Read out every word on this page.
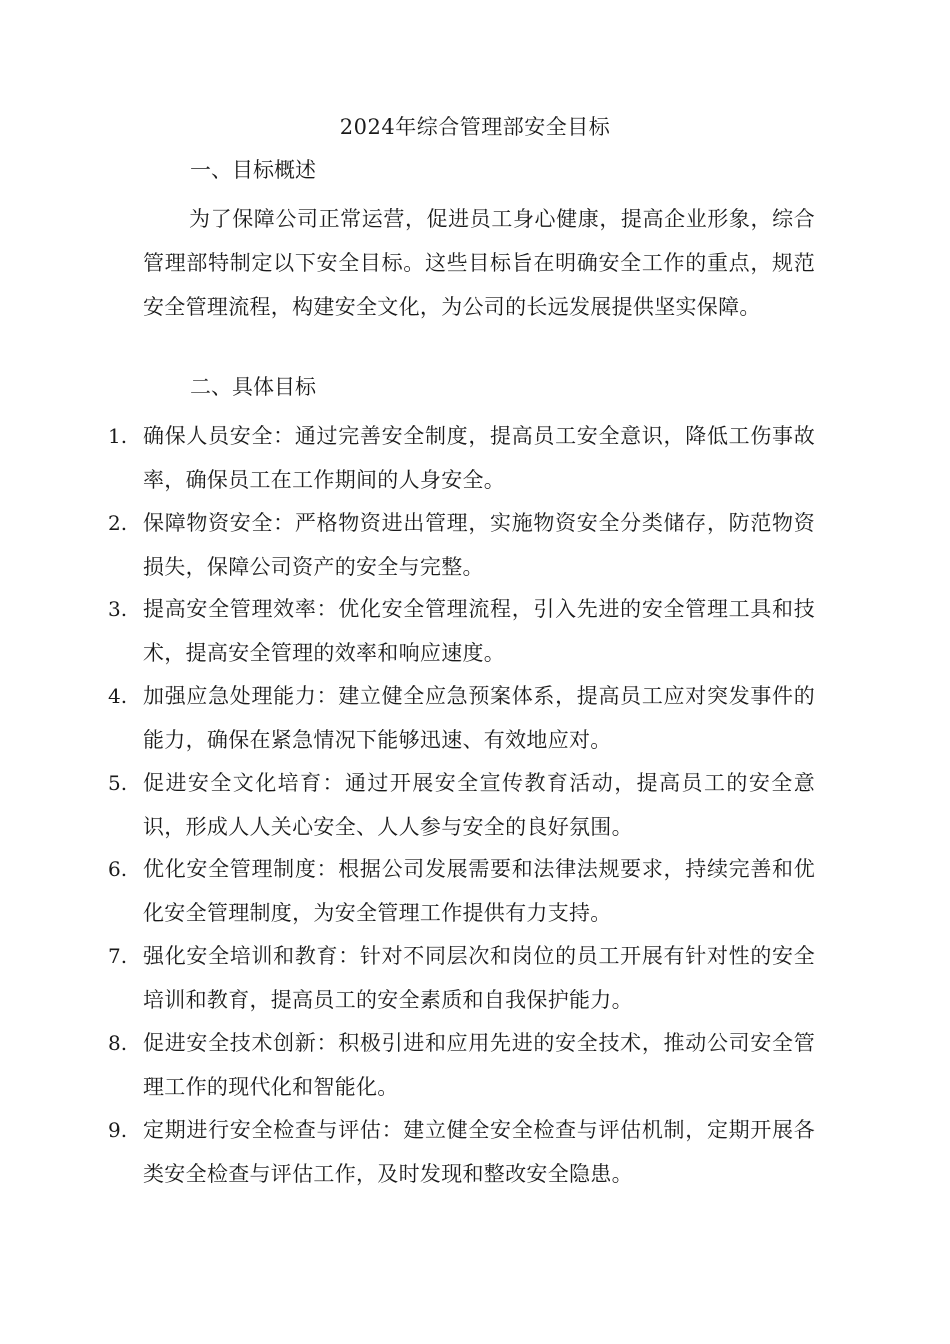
2024年综合管理部安全目标
一、目标概述

为了保障公司正常运营，促进员工身心健康，提高企业形象，综合管理部特制定以下安全目标。这些目标旨在明确安全工作的重点，规范安全管理流程，构建安全文化，为公司的长远发展提供坚实保障。

二、具体目标
1. 确保人员安全：通过完善安全制度，提高员工安全意识，降低工伤事故率，确保员工在工作期间的人身安全。

2. 保障物资安全：严格物资进出管理，实施物资安全分类储存，防范物资损失，保障公司资产的安全与完整。

3. 提高安全管理效率：优化安全管理流程，引入先进的安全管理工具和技术，提高安全管理的效率和响应速度。

4. 加强应急处理能力：建立健全应急预案体系，提高员工应对突发事件的能力，确保在紧急情况下能够迅速、有效地应对。

5. 促进安全文化培育：通过开展安全宣传教育活动，提高员工的安全意识，形成人人关心安全、人人参与安全的良好氛围。

6. 优化安全管理制度：根据公司发展需要和法律法规要求，持续完善和优化安全管理制度，为安全管理工作提供有力支持。

7. 强化安全培训和教育：针对不同层次和岗位的员工开展有针对性的安全培训和教育，提高员工的安全素质和自我保护能力。

8. 促进安全技术创新：积极引进和应用先进的安全技术，推动公司安全管理工作的现代化和智能化。

9. 定期进行安全检查与评估：建立健全安全检查与评估机制，定期开展各类安全检查与评估工作，及时发现和整改安全隐患。
